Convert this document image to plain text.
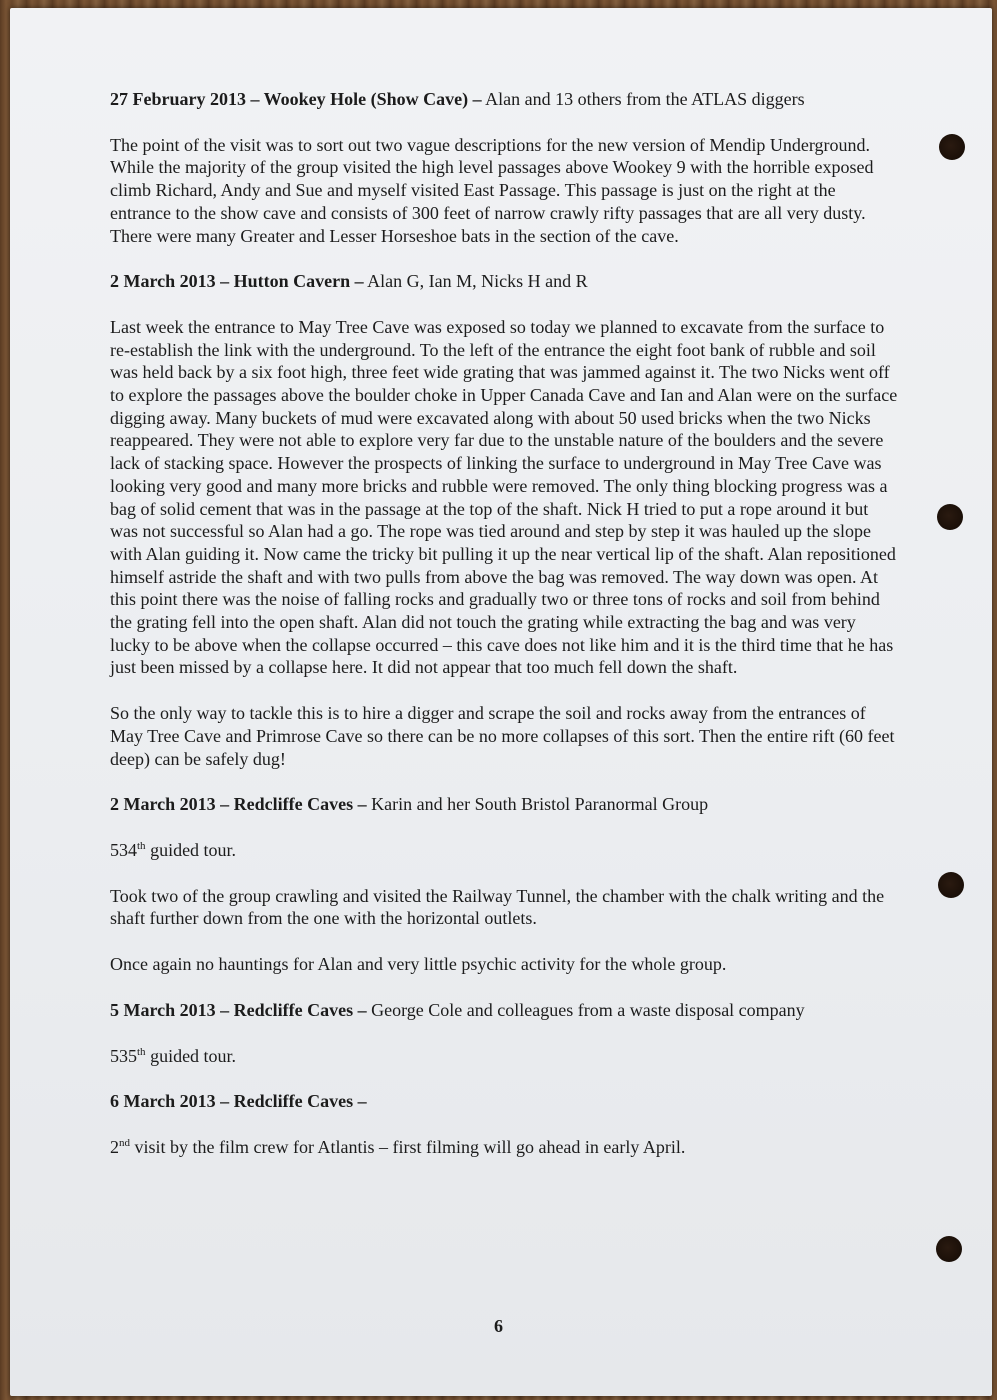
27 February 2013 – Wookey Hole (Show Cave) – Alan and 13 others from the ATLAS diggers

The point of the visit was to sort out two vague descriptions for the new version of Mendip Underground. While the majority of the group visited the high level passages above Wookey 9 with the horrible exposed climb Richard, Andy and Sue and myself visited East Passage. This passage is just on the right at the entrance to the show cave and consists of 300 feet of narrow crawly rifty passages that are all very dusty. There were many Greater and Lesser Horseshoe bats in the section of the cave.

2 March 2013 – Hutton Cavern – Alan G, Ian M, Nicks H and R

Last week the entrance to May Tree Cave was exposed so today we planned to excavate from the surface to re-establish the link with the underground. To the left of the entrance the eight foot bank of rubble and soil was held back by a six foot high, three feet wide grating that was jammed against it. The two Nicks went off to explore the passages above the boulder choke in Upper Canada Cave and Ian and Alan were on the surface digging away. Many buckets of mud were excavated along with about 50 used bricks when the two Nicks reappeared. They were not able to explore very far due to the unstable nature of the boulders and the severe lack of stacking space. However the prospects of linking the surface to underground in May Tree Cave was looking very good and many more bricks and rubble were removed. The only thing blocking progress was a bag of solid cement that was in the passage at the top of the shaft. Nick H tried to put a rope around it but was not successful so Alan had a go. The rope was tied around and step by step it was hauled up the slope with Alan guiding it. Now came the tricky bit pulling it up the near vertical lip of the shaft. Alan repositioned himself astride the shaft and with two pulls from above the bag was removed. The way down was open. At this point there was the noise of falling rocks and gradually two or three tons of rocks and soil from behind the grating fell into the open shaft. Alan did not touch the grating while extracting the bag and was very lucky to be above when the collapse occurred – this cave does not like him and it is the third time that he has just been missed by a collapse here. It did not appear that too much fell down the shaft.

So the only way to tackle this is to hire a digger and scrape the soil and rocks away from the entrances of May Tree Cave and Primrose Cave so there can be no more collapses of this sort. Then the entire rift (60 feet deep) can be safely dug!

2 March 2013 – Redcliffe Caves – Karin and her South Bristol Paranormal Group

534th guided tour.

Took two of the group crawling and visited the Railway Tunnel, the chamber with the chalk writing and the shaft further down from the one with the horizontal outlets.

Once again no hauntings for Alan and very little psychic activity for the whole group.

5 March 2013 – Redcliffe Caves – George Cole and colleagues from a waste disposal company

535th guided tour.

6 March 2013 – Redcliffe Caves –

2nd visit by the film crew for Atlantis – first filming will go ahead in early April.

6
